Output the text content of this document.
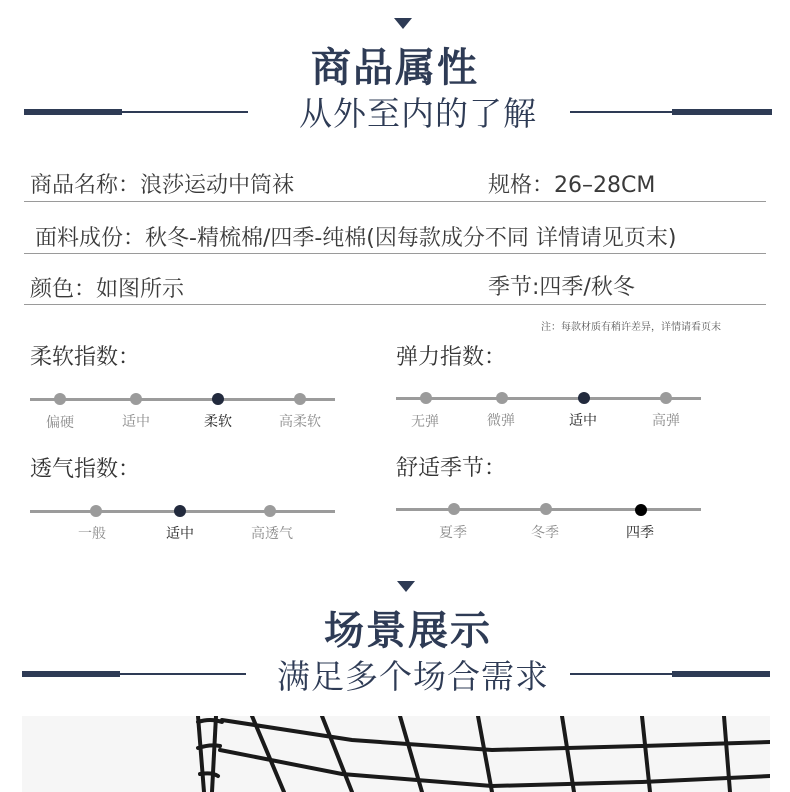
商品属性
从外至内的了解
商品名称：浪莎运动中筒袜	规格：26–28CM
面料成份：秋冬-精梳棉/四季-纯棉(因每款成分不同 详情请见页末)
颜色：如图所示	季节:四季/秋冬
注：每款材质有稍许差异，详情请看页末
柔软指数：
偏硬	适中	柔软	高柔软
弹力指数：
无弹	微弹	适中	高弹
透气指数：
一般	适中	高透气
舒适季节：
夏季	冬季	四季
场景展示
满足多个场合需求
